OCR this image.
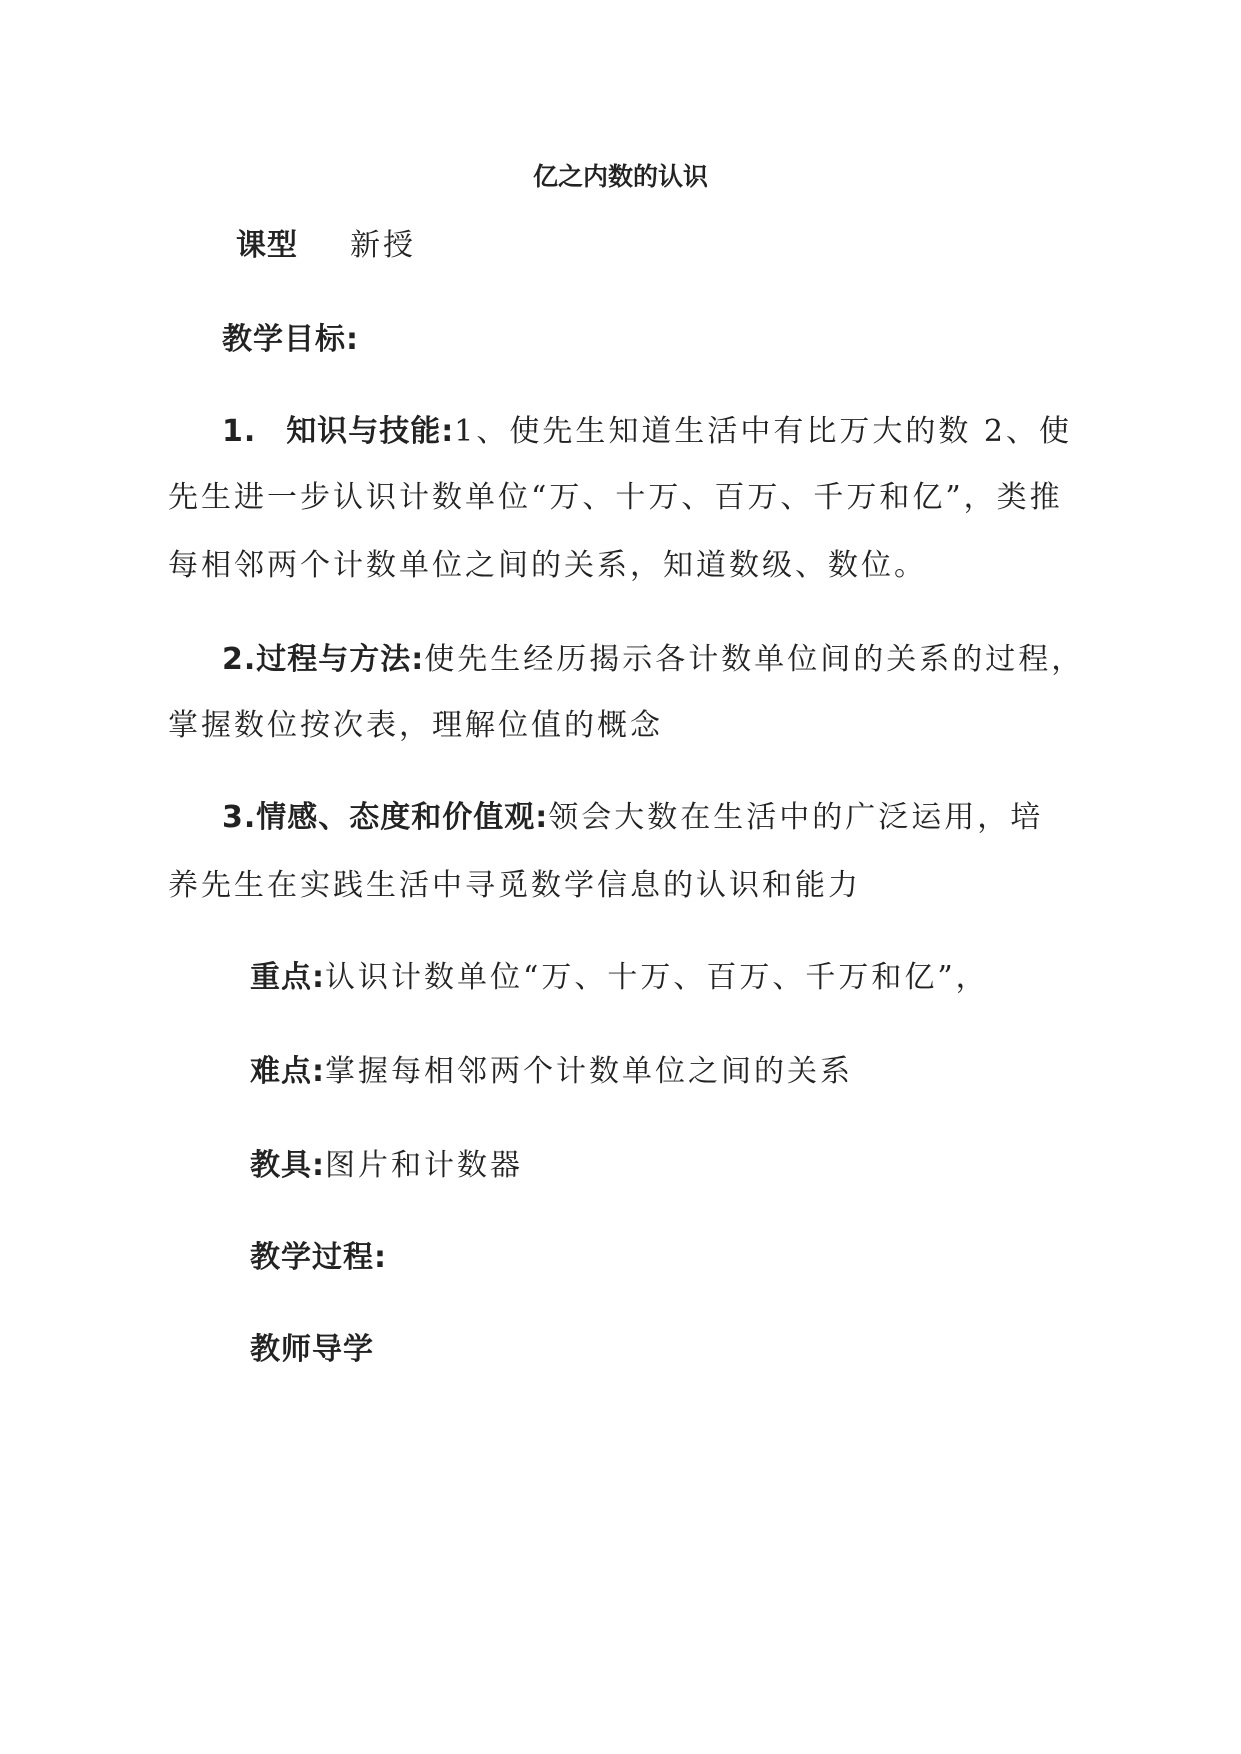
亿之内数的认识
课型 新授
教学目标:
1. 知识与技能:1、使先生知道生活中有比万大的数 2、使
先生进一步认识计数单位“万、十万、百万、千万和亿”，类推
每相邻两个计数单位之间的关系，知道数级、数位。
2.过程与方法:使先生经历揭示各计数单位间的关系的过程，
掌握数位按次表，理解位值的概念
3.情感、态度和价值观:领会大数在生活中的广泛运用，培
养先生在实践生活中寻觅数学信息的认识和能力
重点:认识计数单位“万、十万、百万、千万和亿”，
难点:掌握每相邻两个计数单位之间的关系
教具:图片和计数器
教学过程:
教师导学
